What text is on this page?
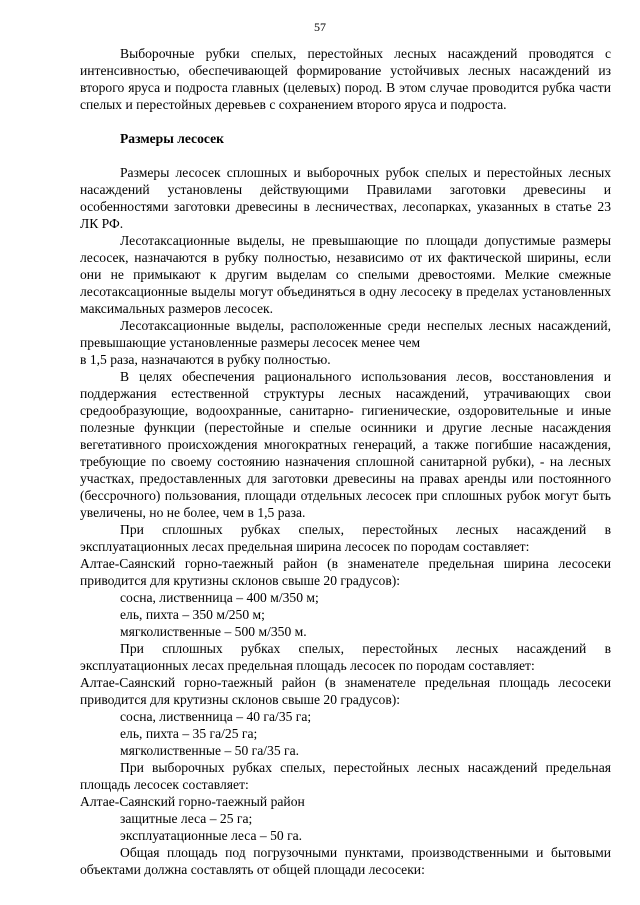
57

Выборочные рубки спелых, перестойных лесных насаждений проводятся с интенсивностью, обеспечивающей формирование устойчивых лесных насаждений из второго яруса и подроста главных (целевых) пород. В этом случае проводится рубка части спелых и перестойных деревьев с сохранением второго яруса и подроста.

Размеры лесосек

Размеры лесосек сплошных и выборочных рубок спелых и перестойных лесных насаждений установлены действующими Правилами заготовки древесины и особенностями заготовки древесины в лесничествах, лесопарках, указанных в статье 23 ЛК РФ.

Лесотаксационные выделы, не превышающие по площади допустимые размеры лесосек, назначаются в рубку полностью, независимо от их фактической ширины, если они не примыкают к другим выделам со спелыми древостоями. Мелкие смежные лесотаксационные выделы могут объединяться в одну лесосеку в пределах установленных максимальных размеров лесосек.

Лесотаксационные выделы, расположенные среди неспелых лесных насаждений, превышающие установленные размеры лесосек менее чем

в 1,5 раза, назначаются в рубку полностью.

В целях обеспечения рационального использования лесов, восстановления и поддержания естественной структуры лесных насаждений, утрачивающих свои средообразующие, водоохранные, санитарно- гигиенические, оздоровительные и иные полезные функции (перестойные и спелые осинники и другие лесные насаждения вегетативного происхождения многократных генераций, а также погибшие насаждения, требующие по своему состоянию назначения сплошной санитарной рубки), - на лесных участках, предоставленных для заготовки древесины на правах аренды или постоянного (бессрочного) пользования, площади отдельных лесосек при сплошных рубок могут быть увеличены, но не более, чем в 1,5 раза.

При сплошных рубках спелых, перестойных лесных насаждений в эксплуатационных лесах предельная ширина лесосек по породам составляет:

Алтае-Саянский горно-таежный район (в знаменателе предельная ширина лесосеки приводится для крутизны склонов свыше 20 градусов):

сосна, лиственница – 400 м/350 м;

ель, пихта – 350 м/250 м;

мягколиственные – 500 м/350 м.

При сплошных рубках спелых, перестойных лесных насаждений в эксплуатационных лесах предельная площадь лесосек по породам составляет:

Алтае-Саянский горно-таежный район (в знаменателе предельная площадь лесосеки приводится для крутизны склонов свыше 20 градусов):

сосна, лиственница – 40 га/35 га;

ель, пихта – 35 га/25 га;

мягколиственные – 50 га/35 га.

При выборочных рубках спелых, перестойных лесных насаждений предельная площадь лесосек составляет:

Алтае-Саянский горно-таежный район

защитные леса – 25 га;

эксплуатационные леса – 50 га.

Общая площадь под погрузочными пунктами, производственными и бытовыми объектами должна составлять от общей площади лесосеки:
